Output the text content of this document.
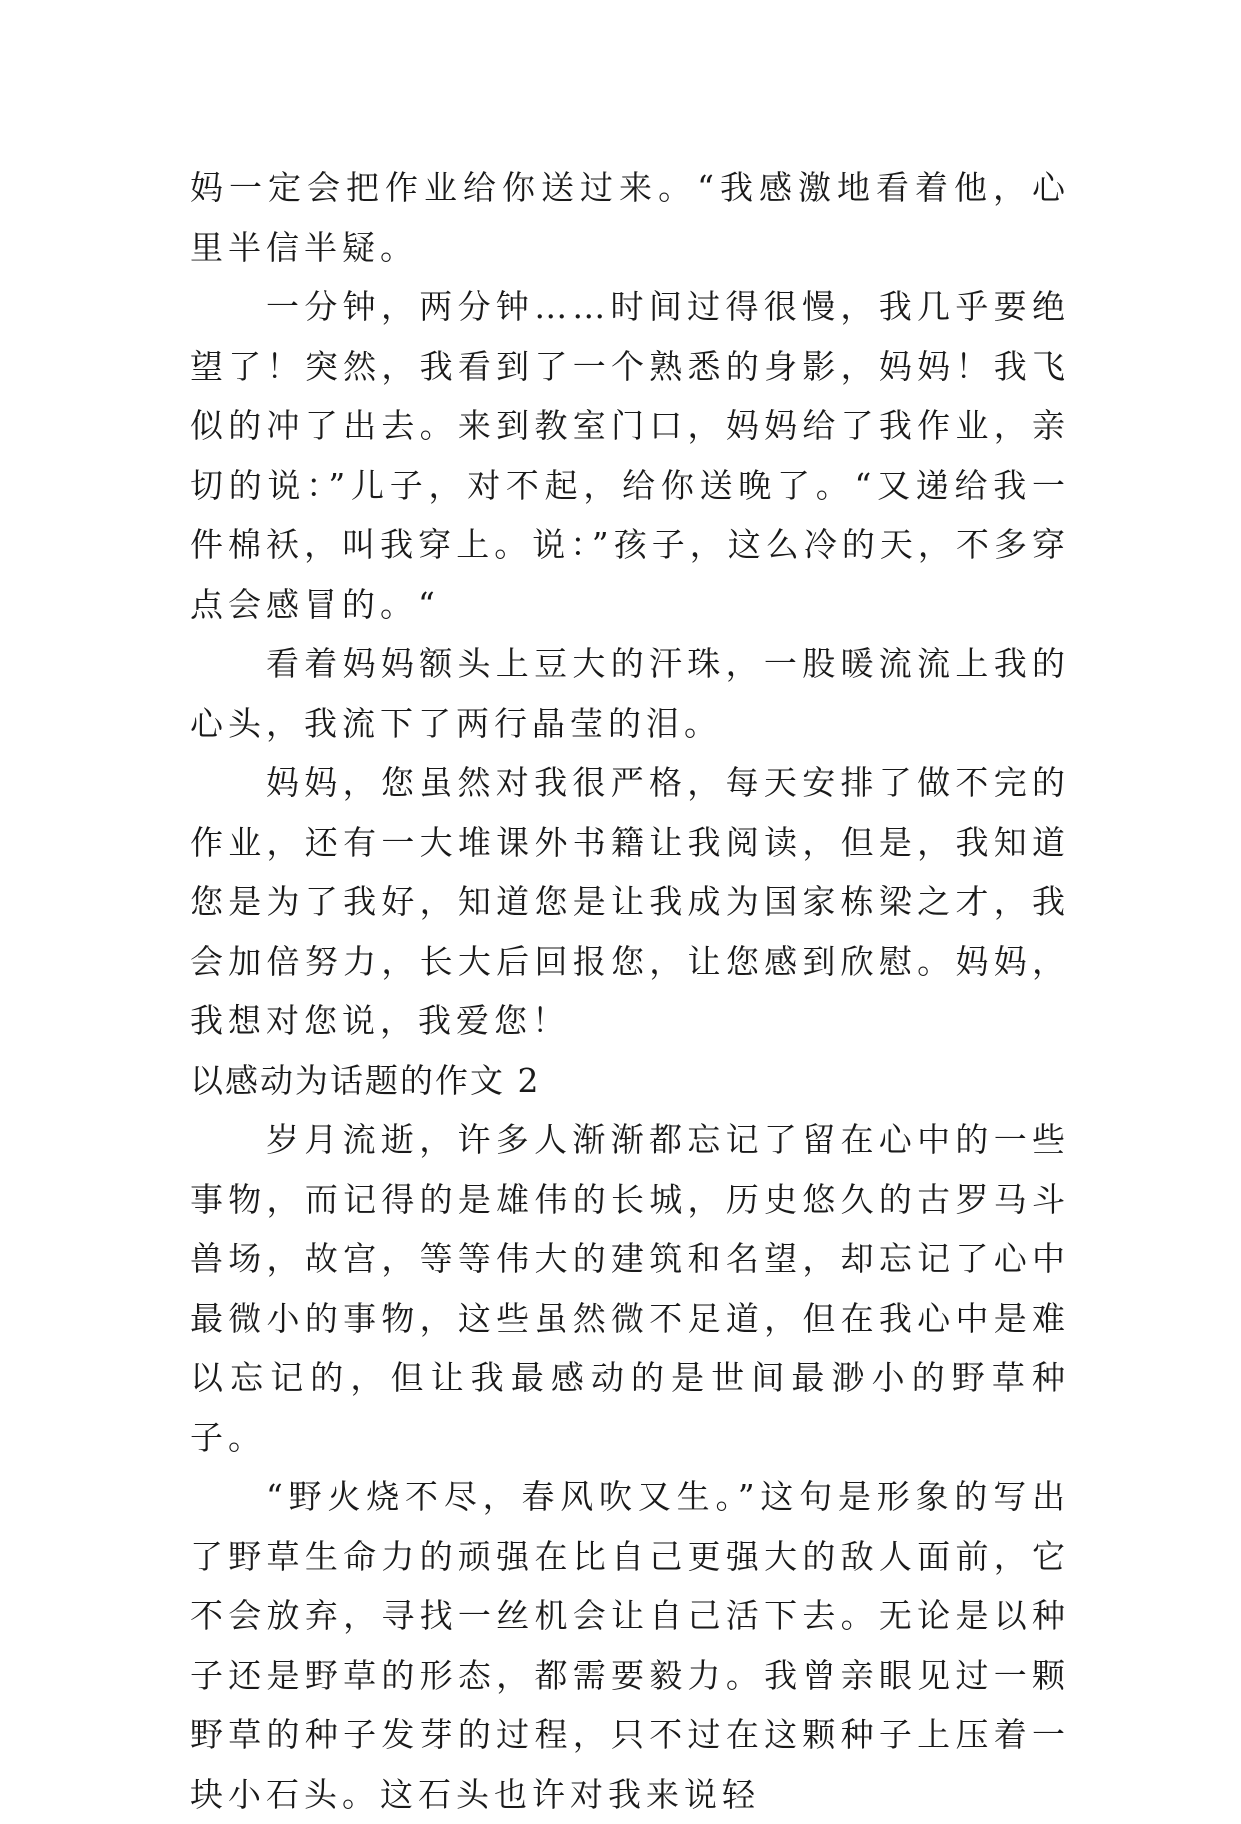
妈一定会把作业给你送过来。“我感激地看着他，心里半信半疑。

一分钟，两分钟……时间过得很慢，我几乎要绝望了！突然，我看到了一个熟悉的身影，妈妈！我飞似的冲了出去。来到教室门口，妈妈给了我作业，亲切的说：”儿子，对不起，给你送晚了。“又递给我一件棉袄，叫我穿上。说：”孩子，这么冷的天，不多穿点会感冒的。“

看着妈妈额头上豆大的汗珠，一股暖流流上我的心头，我流下了两行晶莹的泪。

妈妈，您虽然对我很严格，每天安排了做不完的作业，还有一大堆课外书籍让我阅读，但是，我知道您是为了我好，知道您是让我成为国家栋梁之才，我会加倍努力，长大后回报您，让您感到欣慰。妈妈，我想对您说，我爱您！

以感动为话题的作文 2

岁月流逝，许多人渐渐都忘记了留在心中的一些事物，而记得的是雄伟的长城，历史悠久的古罗马斗兽场，故宫，等等伟大的建筑和名望，却忘记了心中最微小的事物，这些虽然微不足道，但在我心中是难以忘记的，但让我最感动的是世间最渺小的野草种子。

“野火烧不尽，春风吹又生。”这句是形象的写出了野草生命力的顽强在比自己更强大的敌人面前，它不会放弃，寻找一丝机会让自己活下去。无论是以种子还是野草的形态，都需要毅力。我曾亲眼见过一颗野草的种子发芽的过程，只不过在这颗种子上压着一块小石头。这石头也许对我来说轻
